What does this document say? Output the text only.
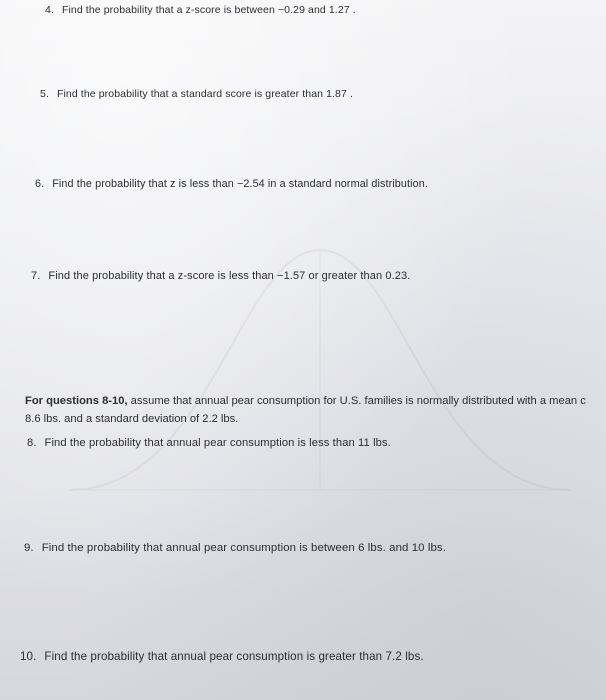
4. Find the probability that a z-score is between −0.29 and 1.27 .
5. Find the probability that a standard score is greater than 1.87 .
6. Find the probability that z is less than −2.54 in a standard normal distribution.
7. Find the probability that a z-score is less than −1.57 or greater than 0.23.
For questions 8-10, assume that annual pear consumption for U.S. families is normally distributed with a mean c
8.6 lbs. and a standard deviation of 2.2 lbs.
8. Find the probability that annual pear consumption is less than 11 lbs.
9. Find the probability that annual pear consumption is between 6 lbs. and 10 lbs.
10. Find the probability that annual pear consumption is greater than 7.2 lbs.
